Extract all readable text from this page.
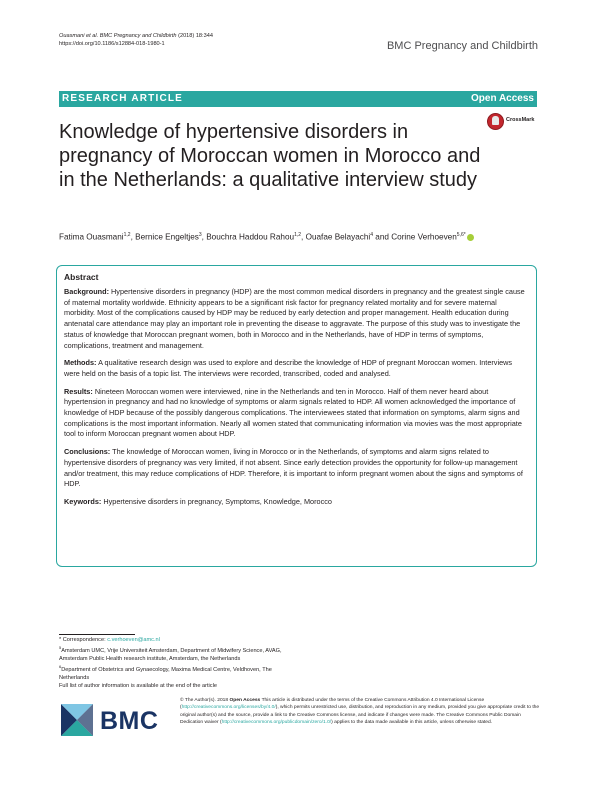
Ouasmani et al. BMC Pregnancy and Childbirth (2018) 18:344
https://doi.org/10.1186/s12884-018-1980-1	BMC Pregnancy and Childbirth
RESEARCH ARTICLE	Open Access
Knowledge of hypertensive disorders in pregnancy of Moroccan women in Morocco and in the Netherlands: a qualitative interview study
CrossMark
Fatima Ouasmani$^{1,2}$, Bernice Engeltjes$^3$, Bouchra Haddou Rahou$^{1,2}$, Ouafae Belayachi$^4$ and Corine Verhoeven$^{5,6*}$
Abstract

Background: Hypertensive disorders in pregnancy (HDP) are the most common medical disorders in pregnancy and the greatest single cause of maternal mortality worldwide. Ethnicity appears to be a significant risk factor for pregnancy related mortality and for severe maternal morbidity. Most of the complications caused by HDP may be reduced by early detection and proper management. Health education during antenatal care attendance may play an important role in preventing the disease to aggravate. The purpose of this study was to investigate the status of knowledge that Moroccan pregnant women, both in Morocco and in the Netherlands, have of HDP in terms of symptoms, complications, treatment and management.

Methods: A qualitative research design was used to explore and describe the knowledge of HDP of pregnant Moroccan women. Interviews were held on the basis of a topic list. The interviews were recorded, transcribed, coded and analysed.

Results: Nineteen Moroccan women were interviewed, nine in the Netherlands and ten in Morocco. Half of them never heard about hypertension in pregnancy and had no knowledge of symptoms or alarm signals related to HDP. All women acknowledged the importance of knowledge of HDP because of the possibly dangerous complications. The interviewees stated that information on symptoms, alarm signs and complications is the most important information. Nearly all women stated that communicating information via movies was the most appropriate tool to inform Moroccan pregnant women about HDP.

Conclusions: The knowledge of Moroccan women, living in Morocco or in the Netherlands, of symptoms and alarm signs related to hypertensive disorders of pregnancy was very limited, if not absent. Since early detection provides the opportunity for follow-up management and/or treatment, this may reduce complications of HDP. Therefore, it is important to inform pregnant women about the signs and symptoms of HDP.

Keywords: Hypertensive disorders in pregnancy, Symptoms, Knowledge, Morocco

* Correspondence: c.verhoeven@amc.nl
$^5$Amsterdam UMC, Vrije Universiteit Amsterdam, Department of Midwifery Science, AVAG, Amsterdam Public Health research institute, Amsterdam, the Netherlands
$^6$Department of Obstetrics and Gynaecology, Maxima Medical Centre, Veldhoven, The Netherlands
Full list of author information is available at the end of the article
BMC
© The Author(s). 2018 Open Access This article is distributed under the terms of the Creative Commons Attribution 4.0 International License (http://creativecommons.org/licenses/by/4.0/), which permits unrestricted use, distribution, and reproduction in any medium, provided you give appropriate credit to the original author(s) and the source, provide a link to the Creative Commons license, and indicate if changes were made. The Creative Commons Public Domain Dedication waiver (http://creativecommons.org/publicdomain/zero/1.0/) applies to the data made available in this article, unless otherwise stated.
